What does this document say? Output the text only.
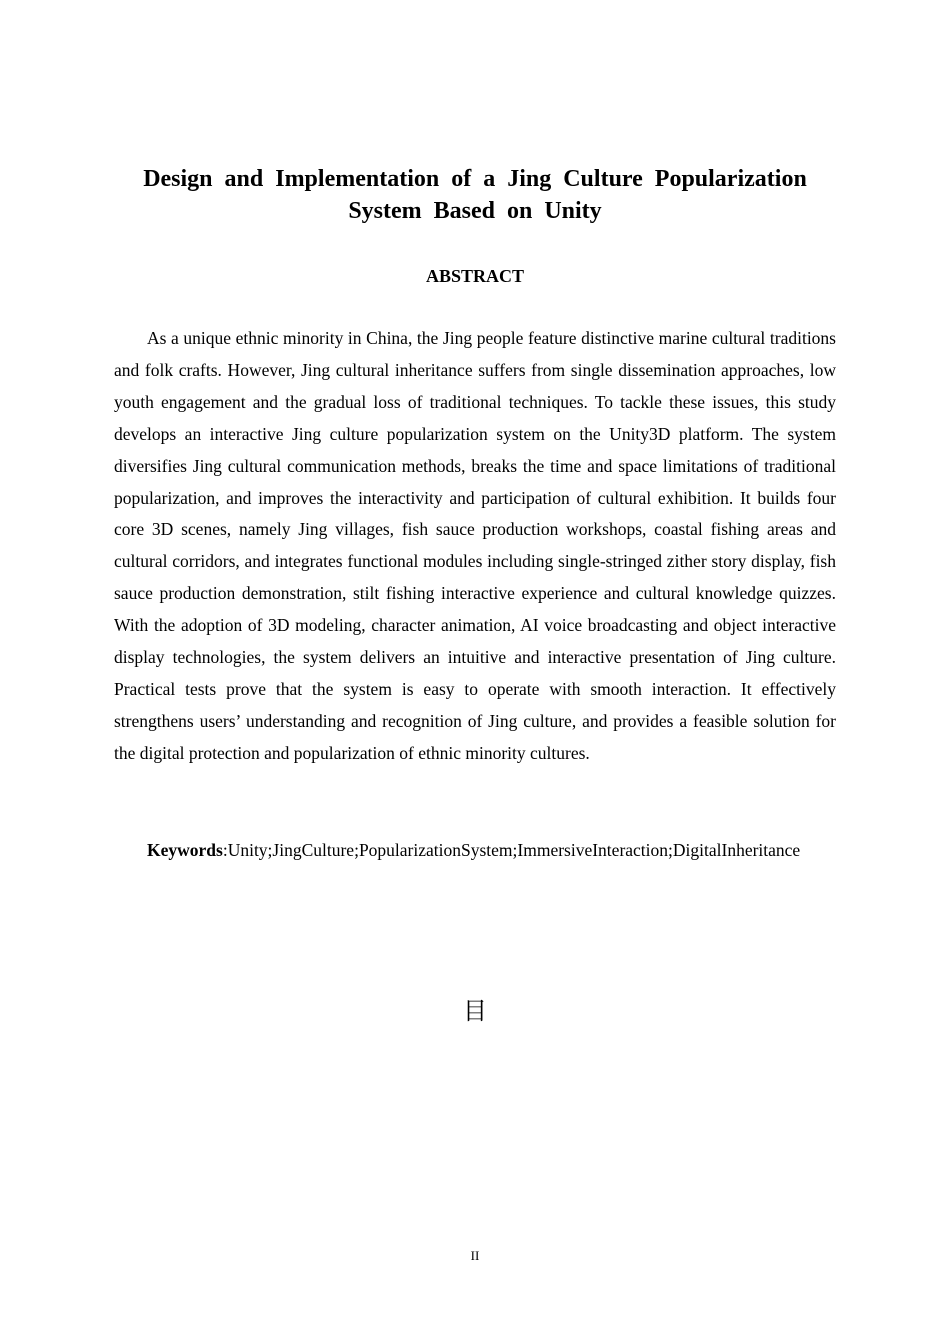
Design and Implementation of a Jing Culture Popularization System Based on Unity
ABSTRACT

As a unique ethnic minority in China, the Jing people feature distinctive marine cultural traditions and folk crafts. However, Jing cultural inheritance suffers from single dissemination approaches, low youth engagement and the gradual loss of traditional techniques. To tackle these issues, this study develops an interactive Jing culture popularization system on the Unity3D platform. The system diversifies Jing cultural communication methods, breaks the time and space limitations of traditional popularization, and improves the interactivity and participation of cultural exhibition. It builds four core 3D scenes, namely Jing villages, fish sauce production workshops, coastal fishing areas and cultural corridors, and integrates functional modules including single-stringed zither story display, fish sauce production demonstration, stilt fishing interactive experience and cultural knowledge quizzes. With the adoption of 3D modeling, character animation, AI voice broadcasting and object interactive display technologies, the system delivers an intuitive and interactive presentation of Jing culture. Practical tests prove that the system is easy to operate with smooth interaction. It effectively strengthens users’ understanding and recognition of Jing culture, and provides a feasible solution for the digital protection and popularization of ethnic minority cultures.

Keywords:Unity;JingCulture;PopularizationSystem;ImmersiveInteraction;DigitalInheritance

目
II
